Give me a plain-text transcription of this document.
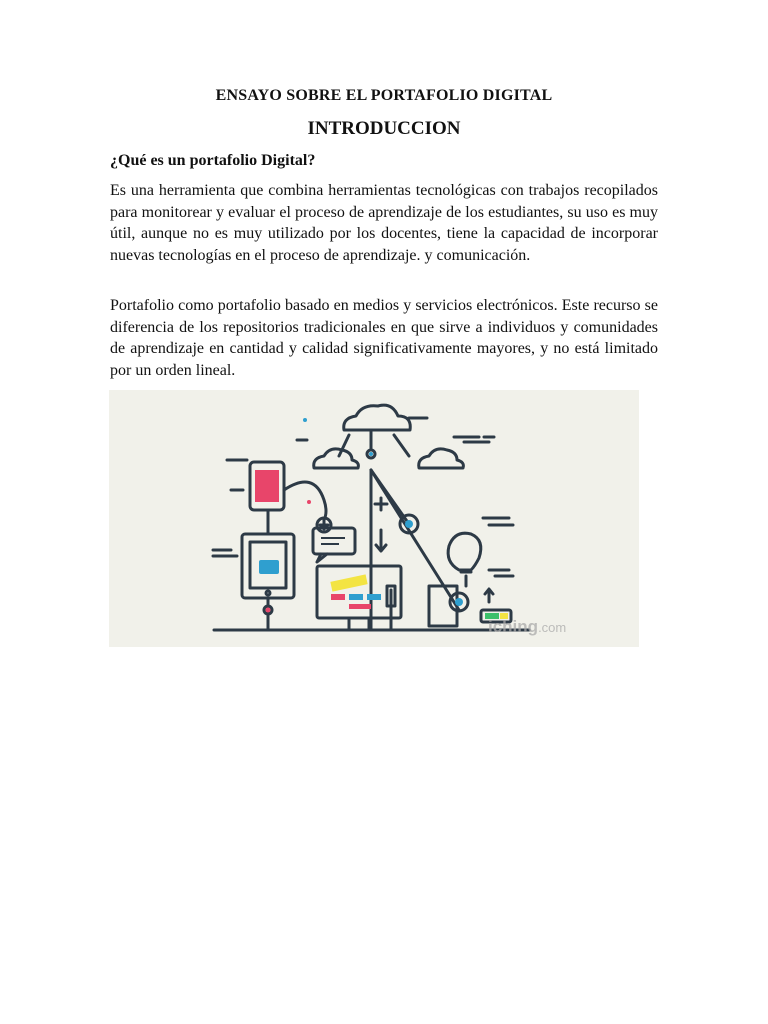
ENSAYO SOBRE EL PORTAFOLIO DIGITAL
INTRODUCCION
¿Qué es un portafolio Digital?

Es una herramienta que combina herramientas tecnológicas con trabajos recopilados para monitorear y evaluar el proceso de aprendizaje de los estudiantes, su uso es muy útil, aunque no es muy utilizado por los docentes, tiene la capacidad de incorporar nuevas tecnologías en el proceso de aprendizaje. y comunicación.

Portafolio como portafolio basado en medios y servicios electrónicos. Este recurso se diferencia de los repositorios tradicionales en que sirve a individuos y comunidades de aprendizaje en cantidad y calidad significativamente mayores, y no está limitado por un orden lineal.

iching.com
